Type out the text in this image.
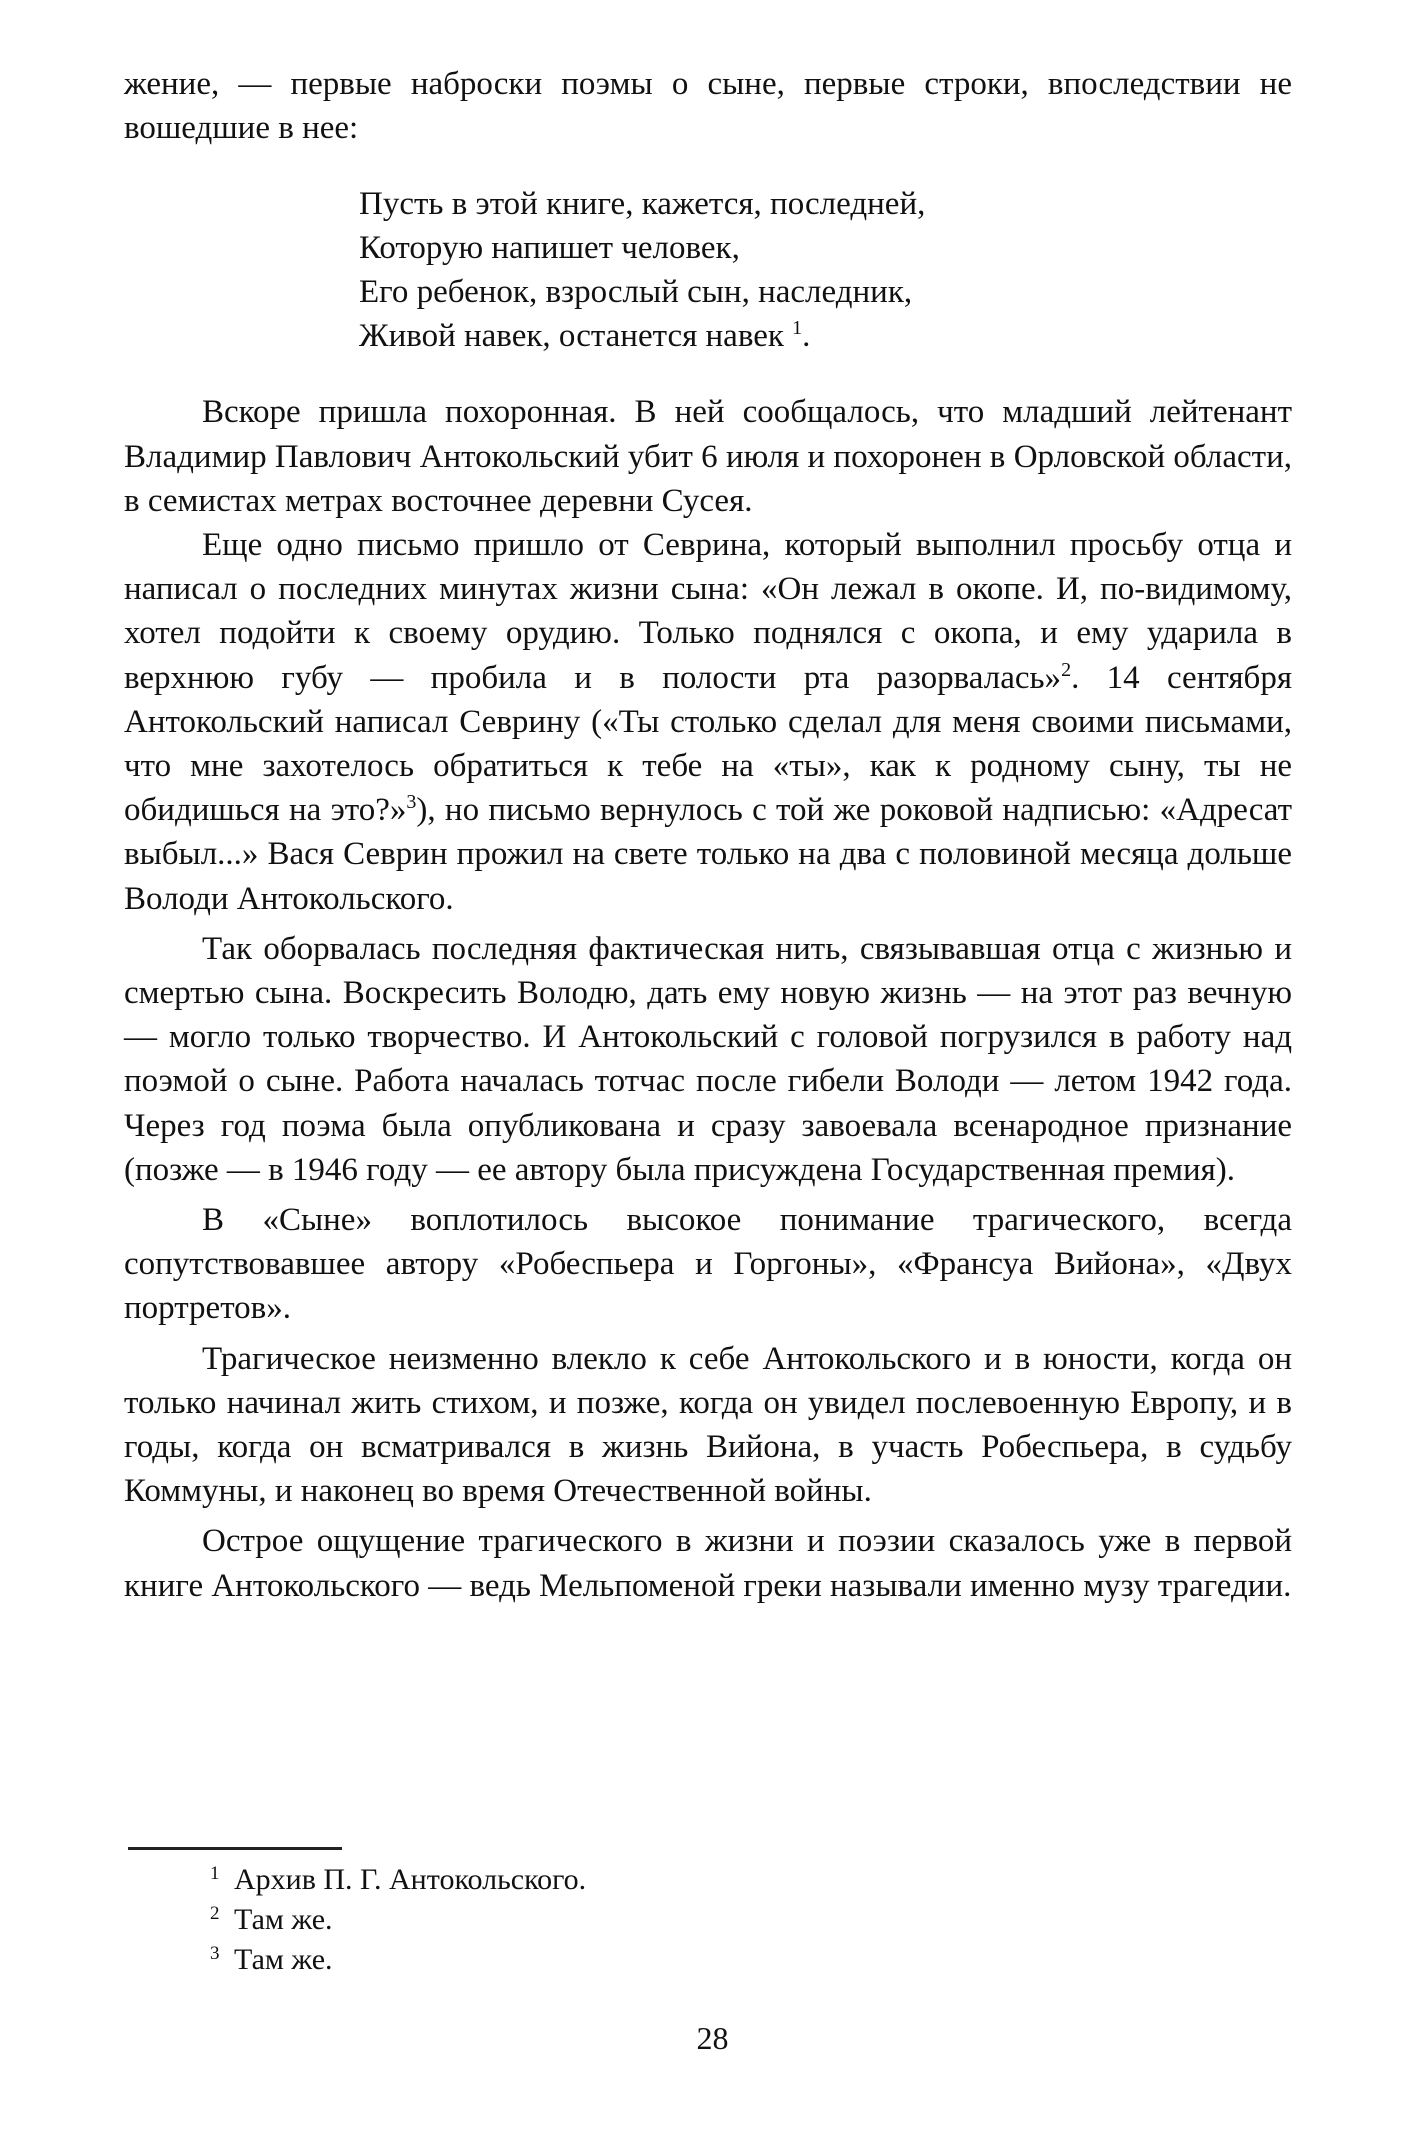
жение, — первые наброски поэмы о сыне, первые строки, впоследствии не вошедшие в нее:

Пусть в этой книге, кажется, последней,
Которую напишет человек,
Его ребенок, взрослый сын, наследник,
Живой навек, останется навек $^1$.

Вскоре пришла похоронная. В ней сообщалось, что младший лейтенант Владимир Павлович Антокольский убит 6 июля и похоронен в Орловской области, в семистах метрах восточнее деревни Сусея.

Еще одно письмо пришло от Севрина, который выполнил просьбу отца и написал о последних минутах жизни сына: «Он лежал в окопе. И, по-видимому, хотел подойти к своему орудию. Только поднялся с окопа, и ему ударила в верхнюю губу — пробила и в полости рта разорвалась»$^2$. 14 сентября Антокольский написал Севрину («Ты столько сделал для меня своими письмами, что мне захотелось обратиться к тебе на «ты», как к родному сыну, ты не обидишься на это?»$^3$), но письмо вернулось с той же роковой надписью: «Адресат выбыл...» Вася Севрин прожил на свете только на два с половиной месяца дольше Володи Антокольского.

Так оборвалась последняя фактическая нить, связывавшая отца с жизнью и смертью сына. Воскресить Володю, дать ему новую жизнь — на этот раз вечную — могло только творчество. И Антокольский с головой погрузился в работу над поэмой о сыне. Работа началась тотчас после гибели Володи — летом 1942 года. Через год поэма была опубликована и сразу завоевала всенародное признание (позже — в 1946 году — ее автору была присуждена Государственная премия).

В «Сыне» воплотилось высокое понимание трагического, всегда сопутствовавшее автору «Робеспьера и Горгоны», «Франсуа Вийона», «Двух портретов».

Трагическое неизменно влекло к себе Антокольского и в юности, когда он только начинал жить стихом, и позже, когда он увидел послевоенную Европу, и в годы, когда он всматривался в жизнь Вийона, в участь Робеспьера, в судьбу Коммуны, и наконец во время Отечественной войны.

Острое ощущение трагического в жизни и поэзии сказалось уже в первой книге Антокольского — ведь Мельпоменой греки называли именно музу трагедии.

1 Архив П. Г. Антокольского.
2 Там же.
3 Там же.
28
